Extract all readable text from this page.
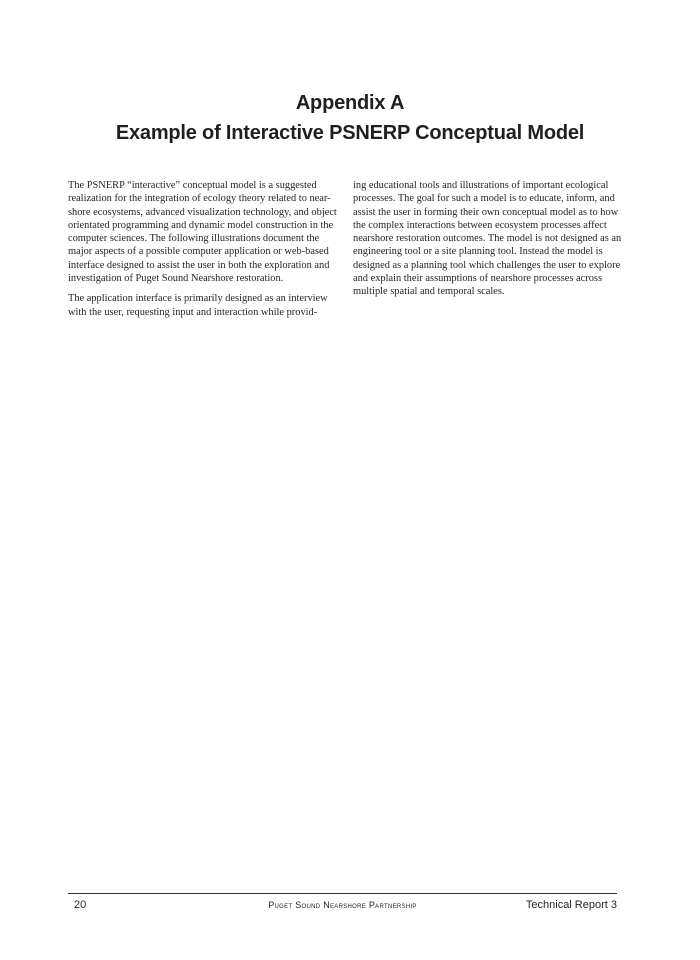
Appendix A
Example of Interactive PSNERP Conceptual Model

The PSNERP “interactive” conceptual model is a suggested realization for the integration of ecology theory related to near-shore ecosystems, advanced visualization technology, and object orientated programming and dynamic model construction in the computer sciences. The following illustrations document the major aspects of a possible computer application or web-based interface designed to assist the user in both the exploration and investigation of Puget Sound Nearshore restoration.

The application interface is primarily designed as an interview with the user, requesting input and interaction while provid-

ing educational tools and illustrations of important ecological processes. The goal for such a model is to educate, inform, and assist the user in forming their own conceptual model as to how the complex interactions between ecosystem processes affect nearshore restoration outcomes. The model is not designed as an engineering tool or a site planning tool. Instead the model is designed as a planning tool which challenges the user to explore and explain their assumptions of nearshore processes across multiple spatial and temporal scales.

20	Puget Sound Nearshore Partnership	Technical Report 3
